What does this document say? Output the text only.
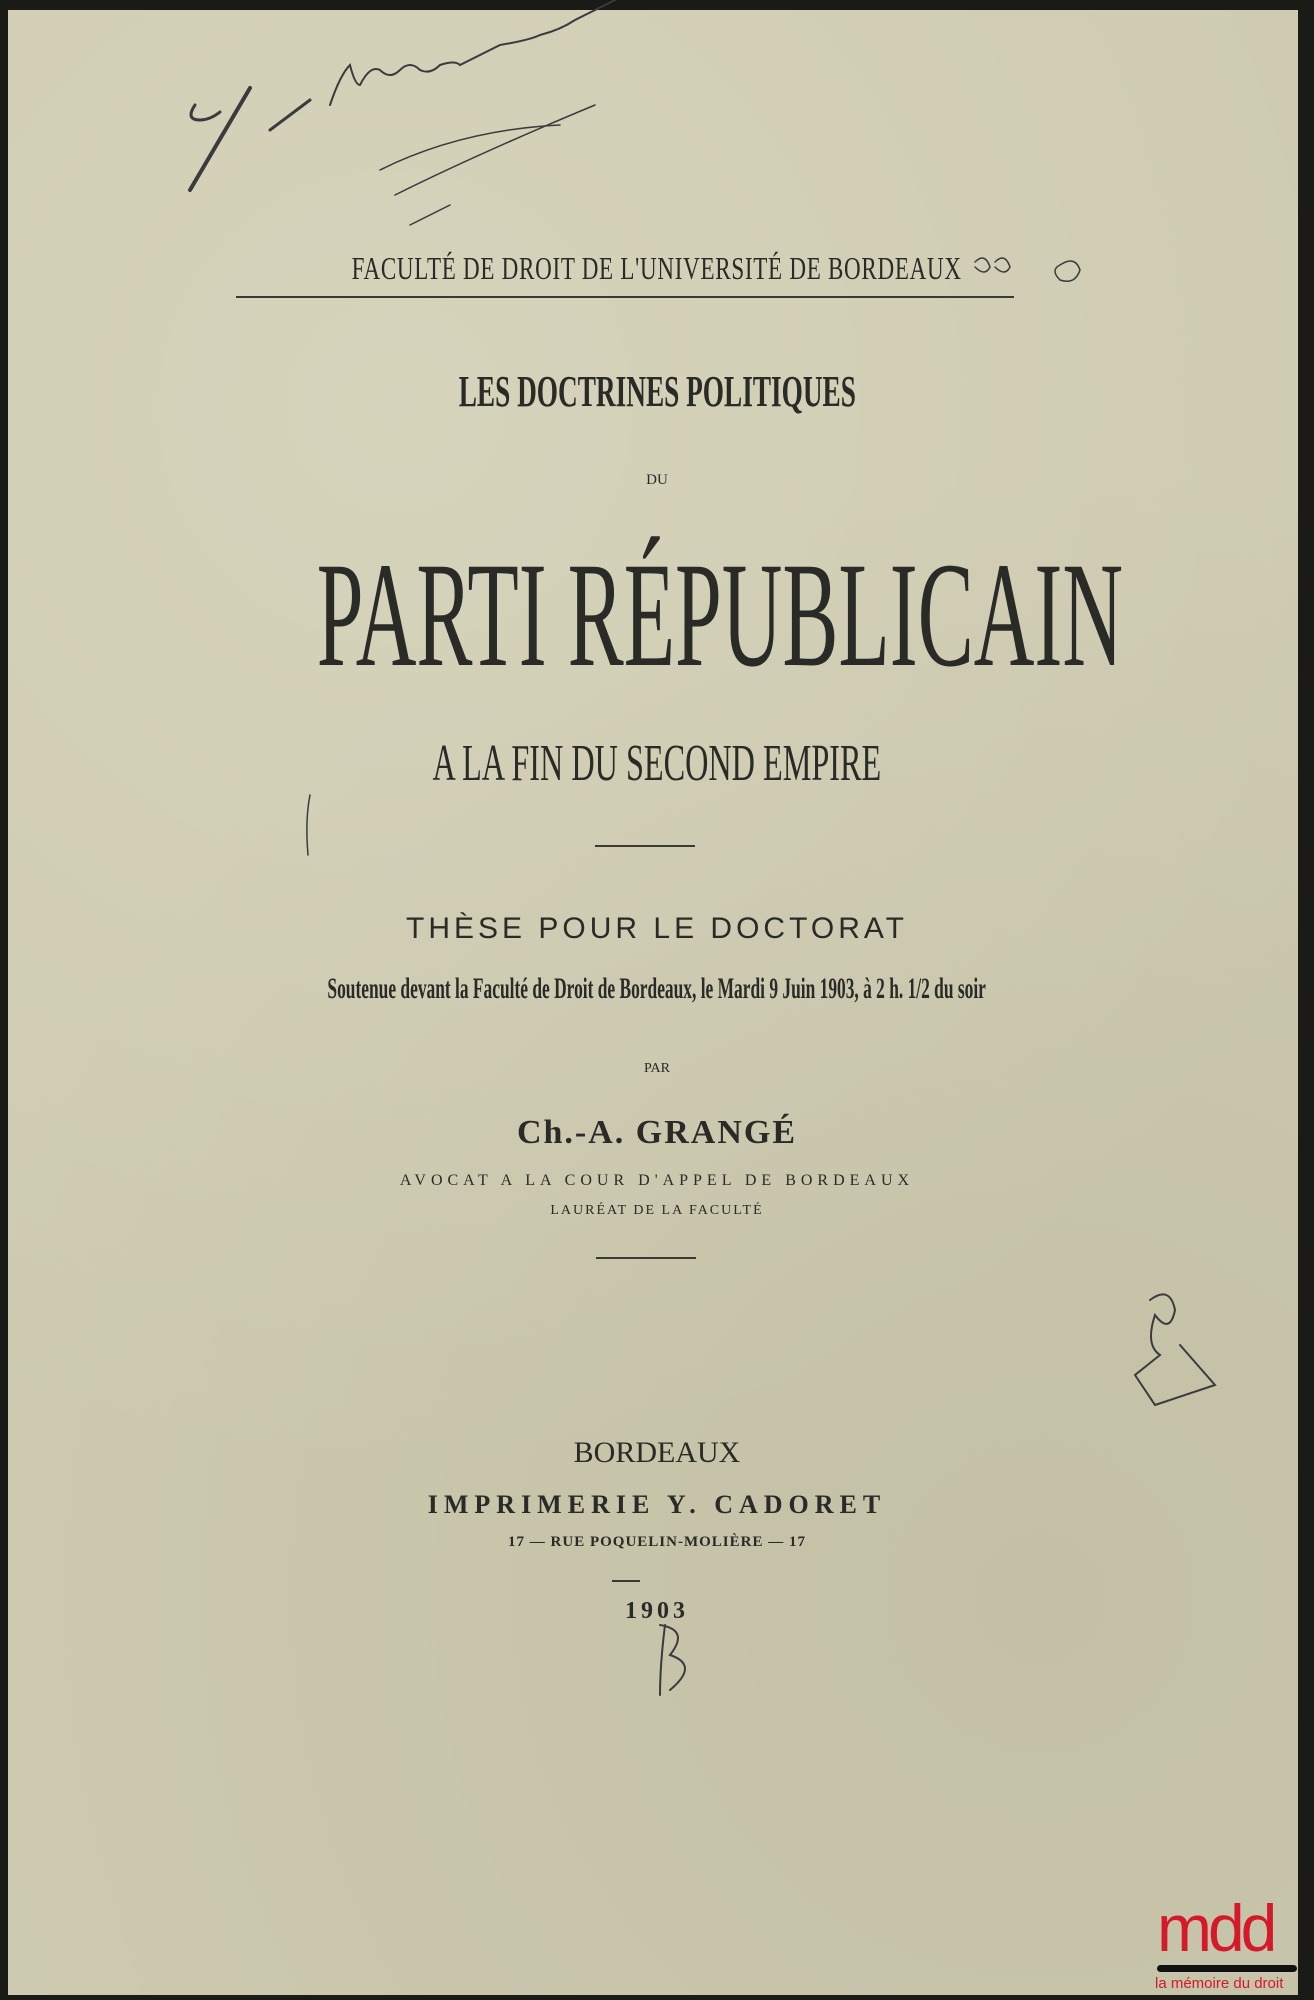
FACULTÉ DE DROIT DE L'UNIVERSITÉ DE BORDEAUX
LES DOCTRINES POLITIQUES
DU
PARTI RÉPUBLICAIN
A LA FIN DU SECOND EMPIRE
THÈSE POUR LE DOCTORAT
Soutenue devant la Faculté de Droit de Bordeaux, le Mardi 9 Juin 1903, à 2 h. 1/2 du soir
PAR
Ch.-A. GRANGÉ
AVOCAT A LA COUR D'APPEL DE BORDEAUX
LAURÉAT DE LA FACULTÉ
BORDEAUX
IMPRIMERIE Y. CADORET
17 — RUE POQUELIN-MOLIÈRE — 17
1903
mdd
la mémoire du droit
